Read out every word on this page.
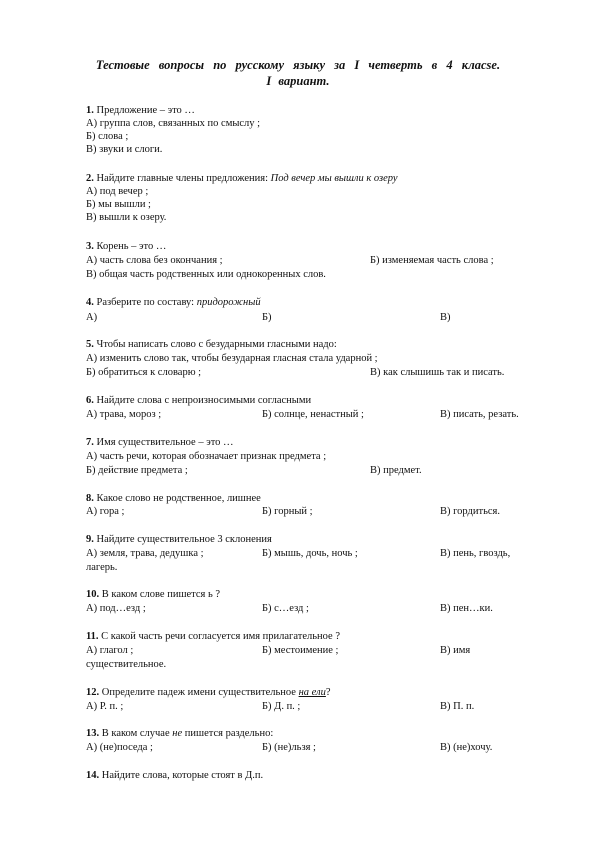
Тестовые вопросы по русскому языку за I четверть в 4 класse.
I вариант.
1. Предложение – это …
А) группа слов, связанных по смыслу ;
Б) слова ;
В) звуки и слоги.
2. Найдите главные члены предложения: Под вечер мы вышли к озеру
А) под вечер ;
Б) мы вышли ;
В) вышли к озеру.
3. Корень – это …
А) часть слова без окончания ;	Б) изменяемая часть слова ;
В) общая часть родственных или однокоренных слов.
4. Разберите по составу: придорожный
А)	Б)	В)
5. Чтобы написать слово с безударными гласными надо:
А) изменить слово так, чтобы безударная гласная стала ударной ;
Б) обратиться к словарю ;	В) как слышишь так и писать.
6. Найдите слова с непроизносимыми согласными
А) трава, мороз ;	Б) солнце, ненастный ;	В) писать, резать.
7. Имя существительное – это …
А) часть речи, которая обозначает признак предмета ;
Б) действие предмета ;	В) предмет.
8. Какое слово не родственное, лишнее
А) гора ;	Б) горный ;	В) гордиться.
9. Найдите существительное 3 склонения
А) земля, трава, дедушка ;	Б) мышь, дочь, ночь ;	В) пень, гвоздь,
лагерь.
10. В каком слове пишется ь ?
А) под…езд ;	Б) с…езд ;	В) пен…ки.
11. С какой часть речи согласуется имя прилагательное ?
А) глагол ;	Б) местоимение ;	В) имя
существительное.
12. Определите падеж имени существительное на ели?
А) Р. п. ;	Б) Д. п. ;	В) П. п.
13. В каком случае не пишется раздельно:
А) (не)поседа ;	Б) (не)льзя ;	В) (не)хочу.
14. Найдите слова, которые стоят в Д.п.
